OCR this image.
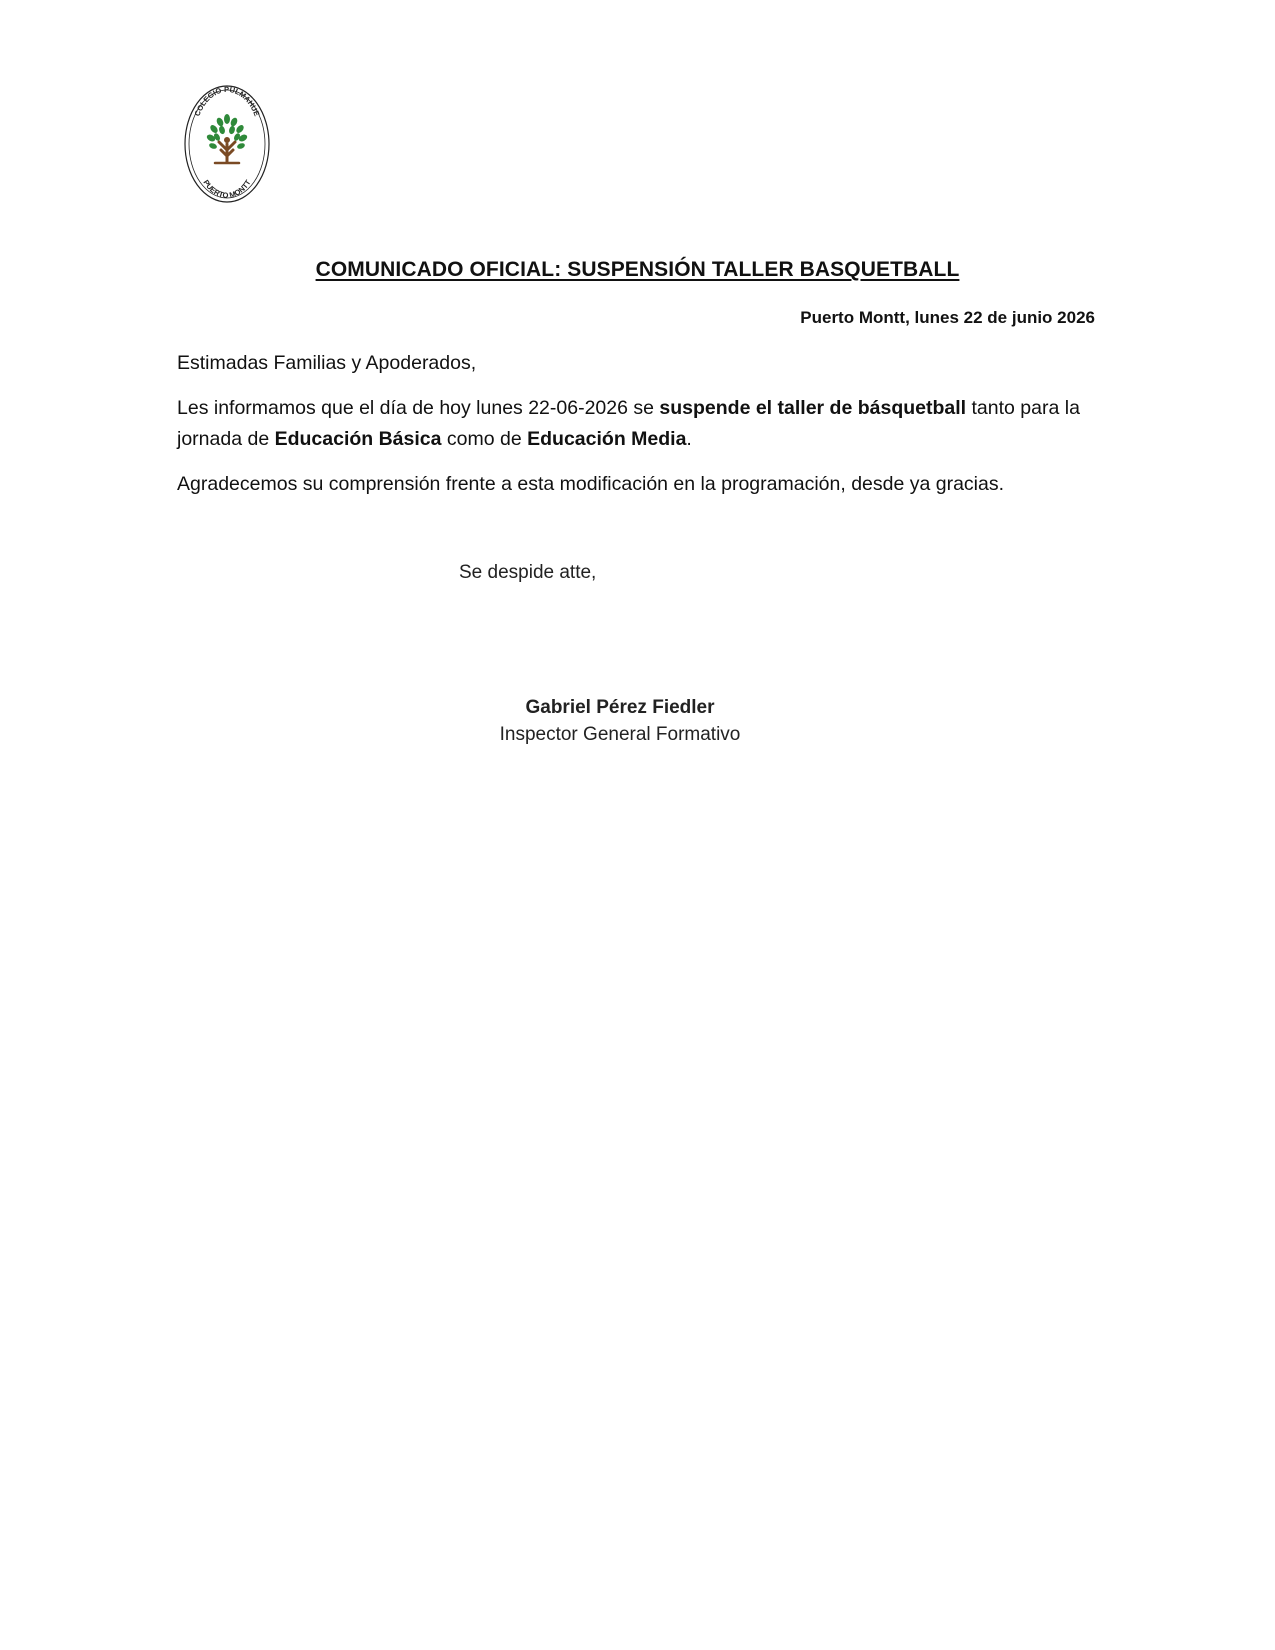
COLEGIO PULMAHUE
PUERTO MONTT
COMUNICADO OFICIAL: SUSPENSIÓN TALLER BASQUETBALL

Puerto Montt, lunes 22 de junio 2026

Estimadas Familias y Apoderados,

Les informamos que el día de hoy lunes 22-06-2026 se suspende el taller de básquetball tanto para la jornada de Educación Básica como de Educación Media.

Agradecemos su comprensión frente a esta modificación en la programación, desde ya gracias.

Se despide atte,

Gabriel Pérez Fiedler

Inspector General Formativo
